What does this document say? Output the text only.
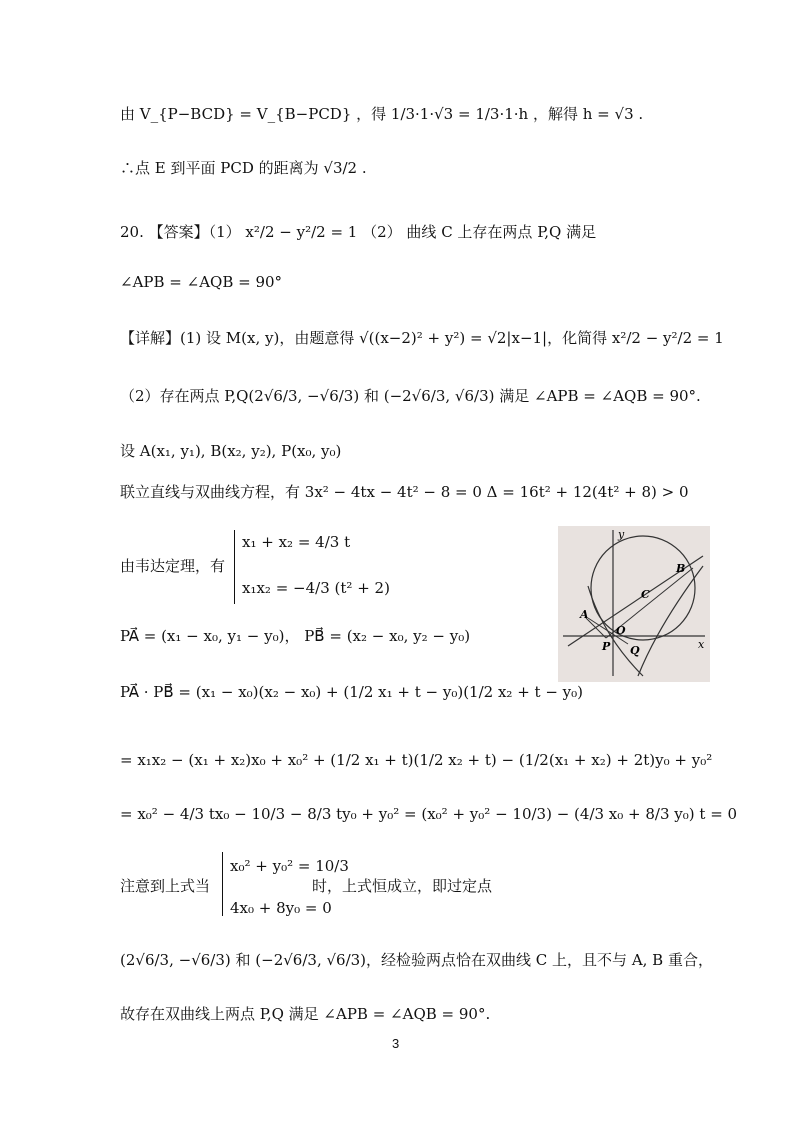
由 V_{P−BCD} = V_{B−PCD} ，得 1/3·1·√3 = 1/3·1·h ，解得 h = √3 .
∴点 E 到平面 PCD 的距离为 √3/2 .
20. 【答案】（1） x²/2 − y²/2 = 1 （2） 曲线 C 上存在两点 P,Q 满足
∠APB = ∠AQB = 90°
【详解】(1) 设 M(x, y)，由题意得 √((x−2)² + y²) = √2|x−1|，化简得 x²/2 − y²/2 = 1
（2）存在两点 P,Q(2√6/3, −√6/3) 和 (−2√6/3, √6/3) 满足 ∠APB = ∠AQB = 90°.
设 A(x₁, y₁), B(x₂, y₂), P(x₀, y₀)
联立直线与双曲线方程，有 3x² − 4tx − 4t² − 8 = 0 Δ = 16t² + 12(4t² + 8) > 0
由韦达定理，有
x₁ + x₂ = 4/3 t
x₁x₂ = −4/3 (t² + 2)
PA⃗ = (x₁ − x₀, y₁ − y₀)， PB⃗ = (x₂ − x₀, y₂ − y₀)
PA⃗ · PB⃗ = (x₁ − x₀)(x₂ − x₀) + (1/2 x₁ + t − y₀)(1/2 x₂ + t − y₀)
= x₁x₂ − (x₁ + x₂)x₀ + x₀² + (1/2 x₁ + t)(1/2 x₂ + t) − (1/2(x₁ + x₂) + 2t)y₀ + y₀²
= x₀² − 4/3 tx₀ − 10/3 − 8/3 ty₀ + y₀² = (x₀² + y₀² − 10/3) − (4/3 x₀ + 8/3 y₀) t = 0
注意到上式当
x₀² + y₀² = 10/3
时，上式恒成立，即过定点
4x₀ + 8y₀ = 0
(2√6/3, −√6/3) 和 (−2√6/3, √6/3)，经检验两点恰在双曲线 C 上，且不与 A, B 重合，
故存在双曲线上两点 P,Q 满足 ∠APB = ∠AQB = 90°.
y
x
B
C
A
O
P Q
3
